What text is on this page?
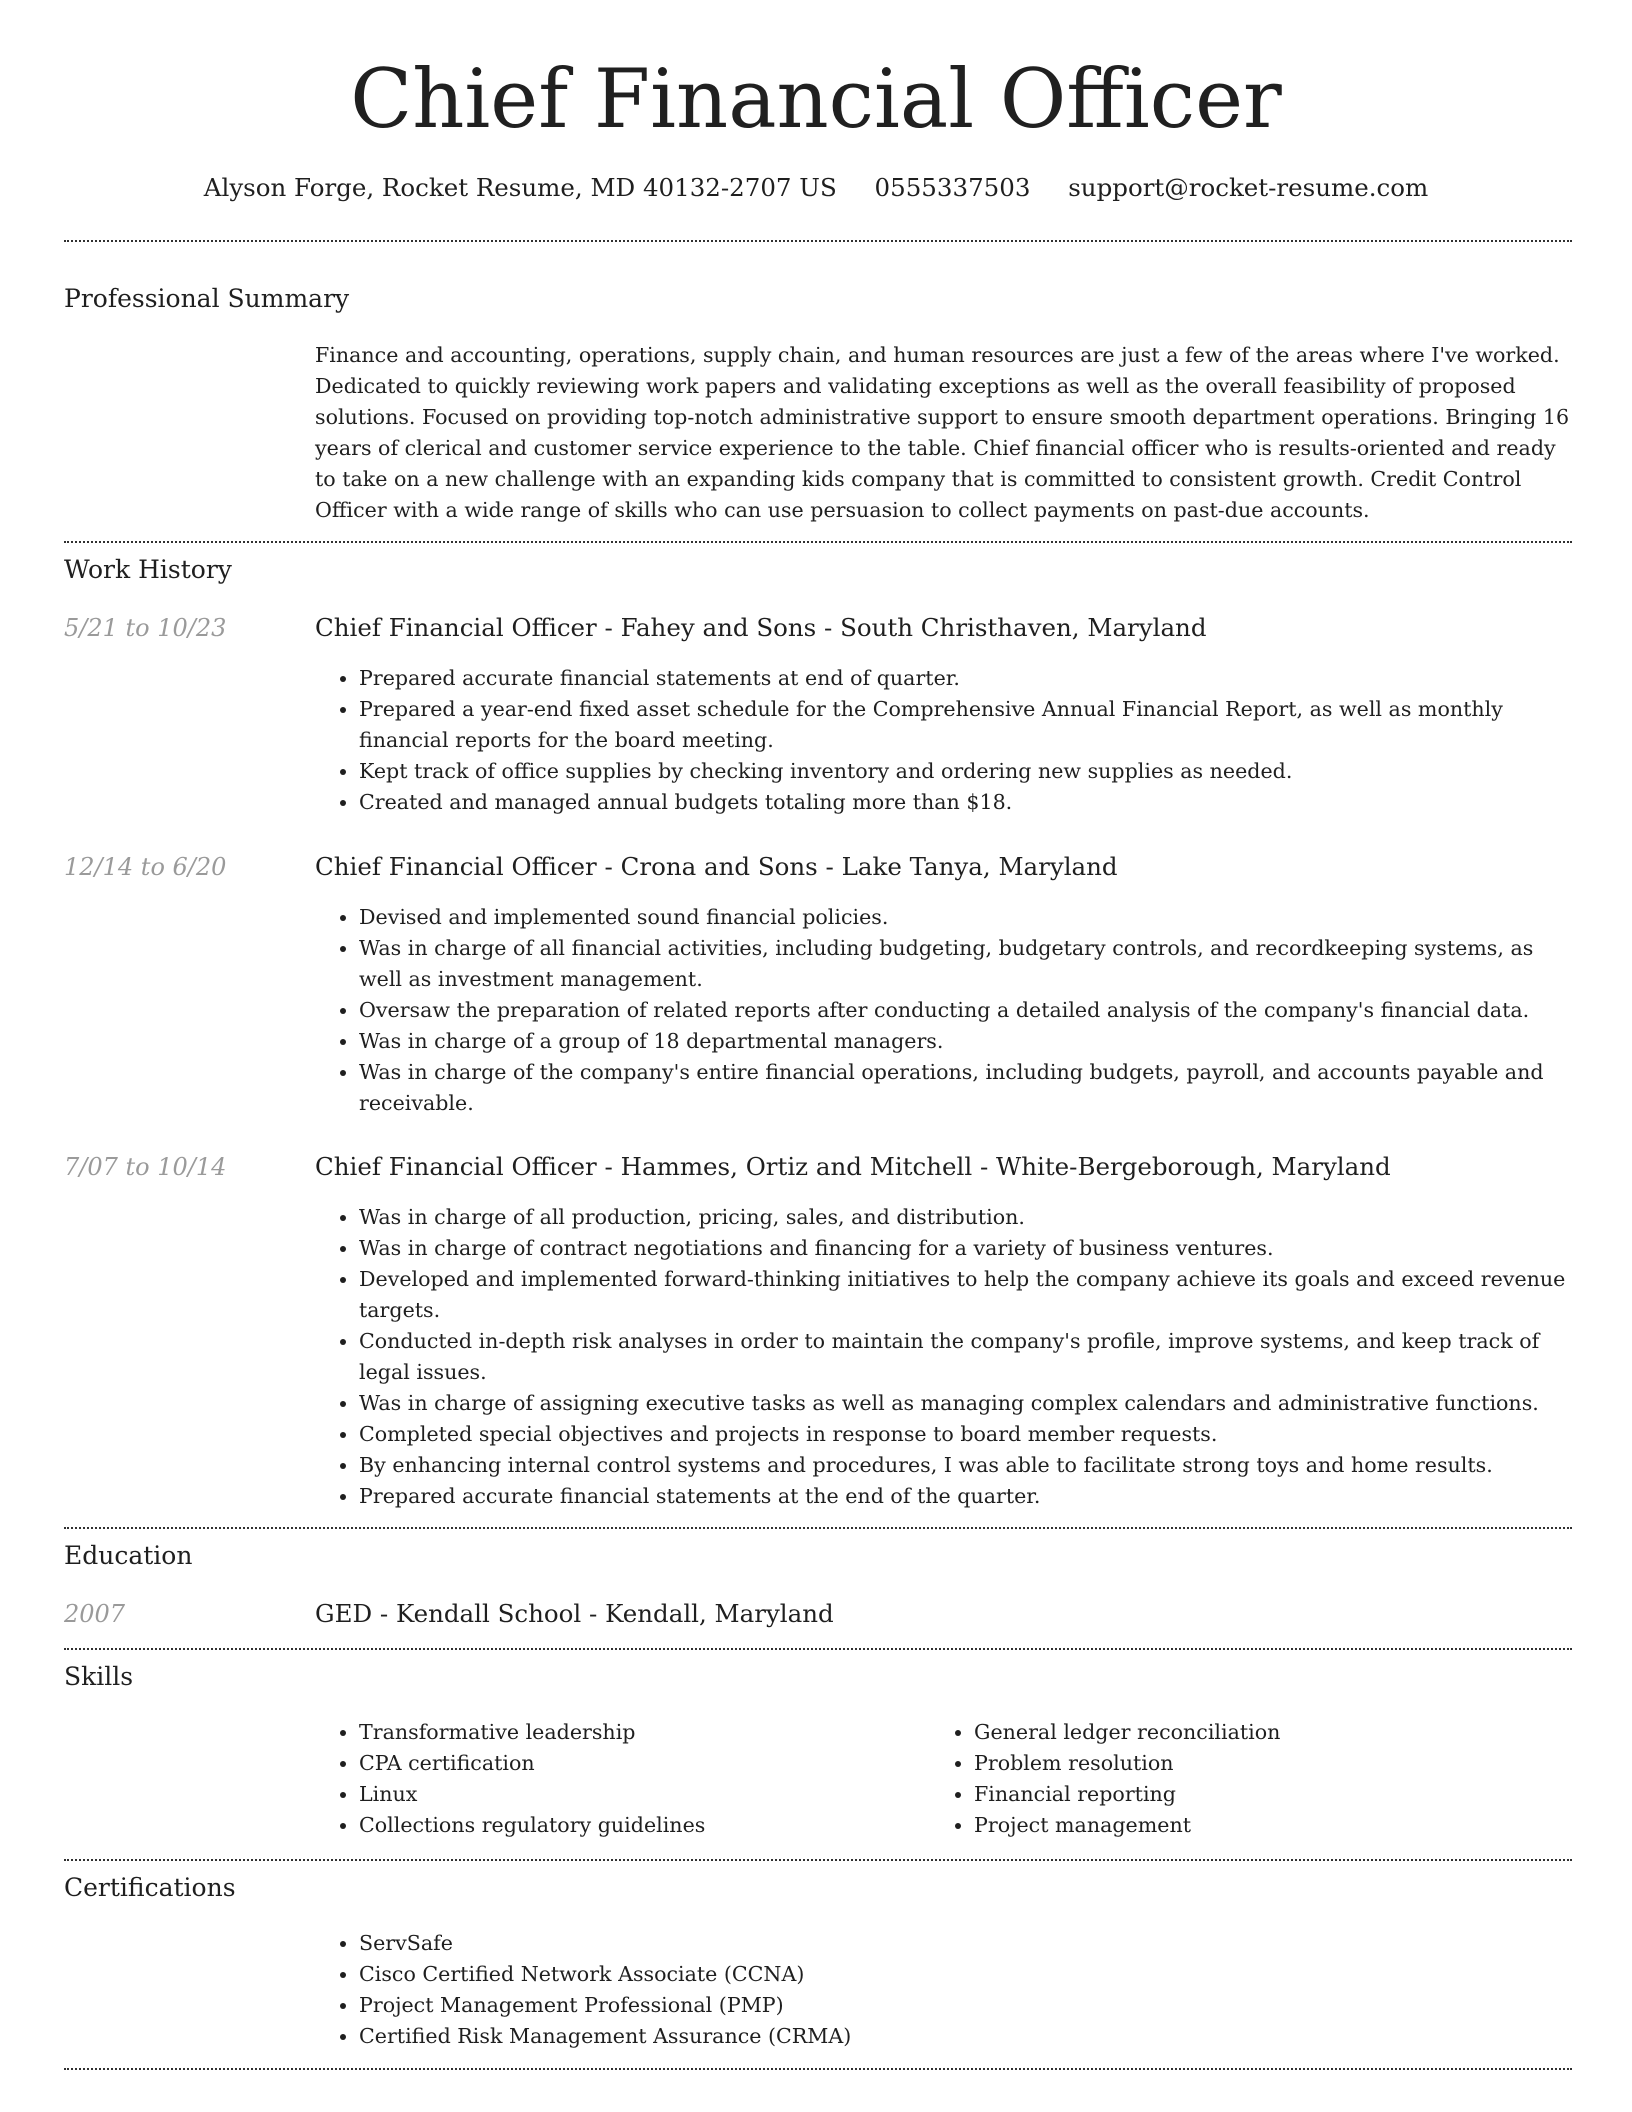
Chief Financial Officer
Alyson Forge, Rocket Resume, MD 40132-2707 US 0555337503 support@rocket-resume.com
Professional Summary

Finance and accounting, operations, supply chain, and human resources are just a few of the areas where I've worked. Dedicated to quickly reviewing work papers and validating exceptions as well as the overall feasibility of proposed solutions. Focused on providing top-notch administrative support to ensure smooth department operations. Bringing 16 years of clerical and customer service experience to the table. Chief financial officer who is results-oriented and ready to take on a new challenge with an expanding kids company that is committed to consistent growth. Credit Control Officer with a wide range of skills who can use persuasion to collect payments on past-due accounts.

Work History
5/21 to 10/23	Chief Financial Officer - Fahey and Sons - South Christhaven, Maryland
• Prepared accurate financial statements at end of quarter.
• Prepared a year-end fixed asset schedule for the Comprehensive Annual Financial Report, as well as monthly financial reports for the board meeting.
• Kept track of office supplies by checking inventory and ordering new supplies as needed.
• Created and managed annual budgets totaling more than $18.
12/14 to 6/20	Chief Financial Officer - Crona and Sons - Lake Tanya, Maryland
• Devised and implemented sound financial policies.
• Was in charge of all financial activities, including budgeting, budgetary controls, and recordkeeping systems, as well as investment management.
• Oversaw the preparation of related reports after conducting a detailed analysis of the company's financial data.
• Was in charge of a group of 18 departmental managers.
• Was in charge of the company's entire financial operations, including budgets, payroll, and accounts payable and receivable.
7/07 to 10/14	Chief Financial Officer - Hammes, Ortiz and Mitchell - White-Bergeborough, Maryland
• Was in charge of all production, pricing, sales, and distribution.
• Was in charge of contract negotiations and financing for a variety of business ventures.
• Developed and implemented forward-thinking initiatives to help the company achieve its goals and exceed revenue targets.
• Conducted in-depth risk analyses in order to maintain the company's profile, improve systems, and keep track of legal issues.
• Was in charge of assigning executive tasks as well as managing complex calendars and administrative functions.
• Completed special objectives and projects in response to board member requests.
• By enhancing internal control systems and procedures, I was able to facilitate strong toys and home results.
• Prepared accurate financial statements at the end of the quarter.
Education
2007	GED - Kendall School - Kendall, Maryland
Skills
• Transformative leadership
• CPA certification
• Linux
• Collections regulatory guidelines
• General ledger reconciliation
• Problem resolution
• Financial reporting
• Project management
Certifications
• ServSafe
• Cisco Certified Network Associate (CCNA)
• Project Management Professional (PMP)
• Certified Risk Management Assurance (CRMA)
